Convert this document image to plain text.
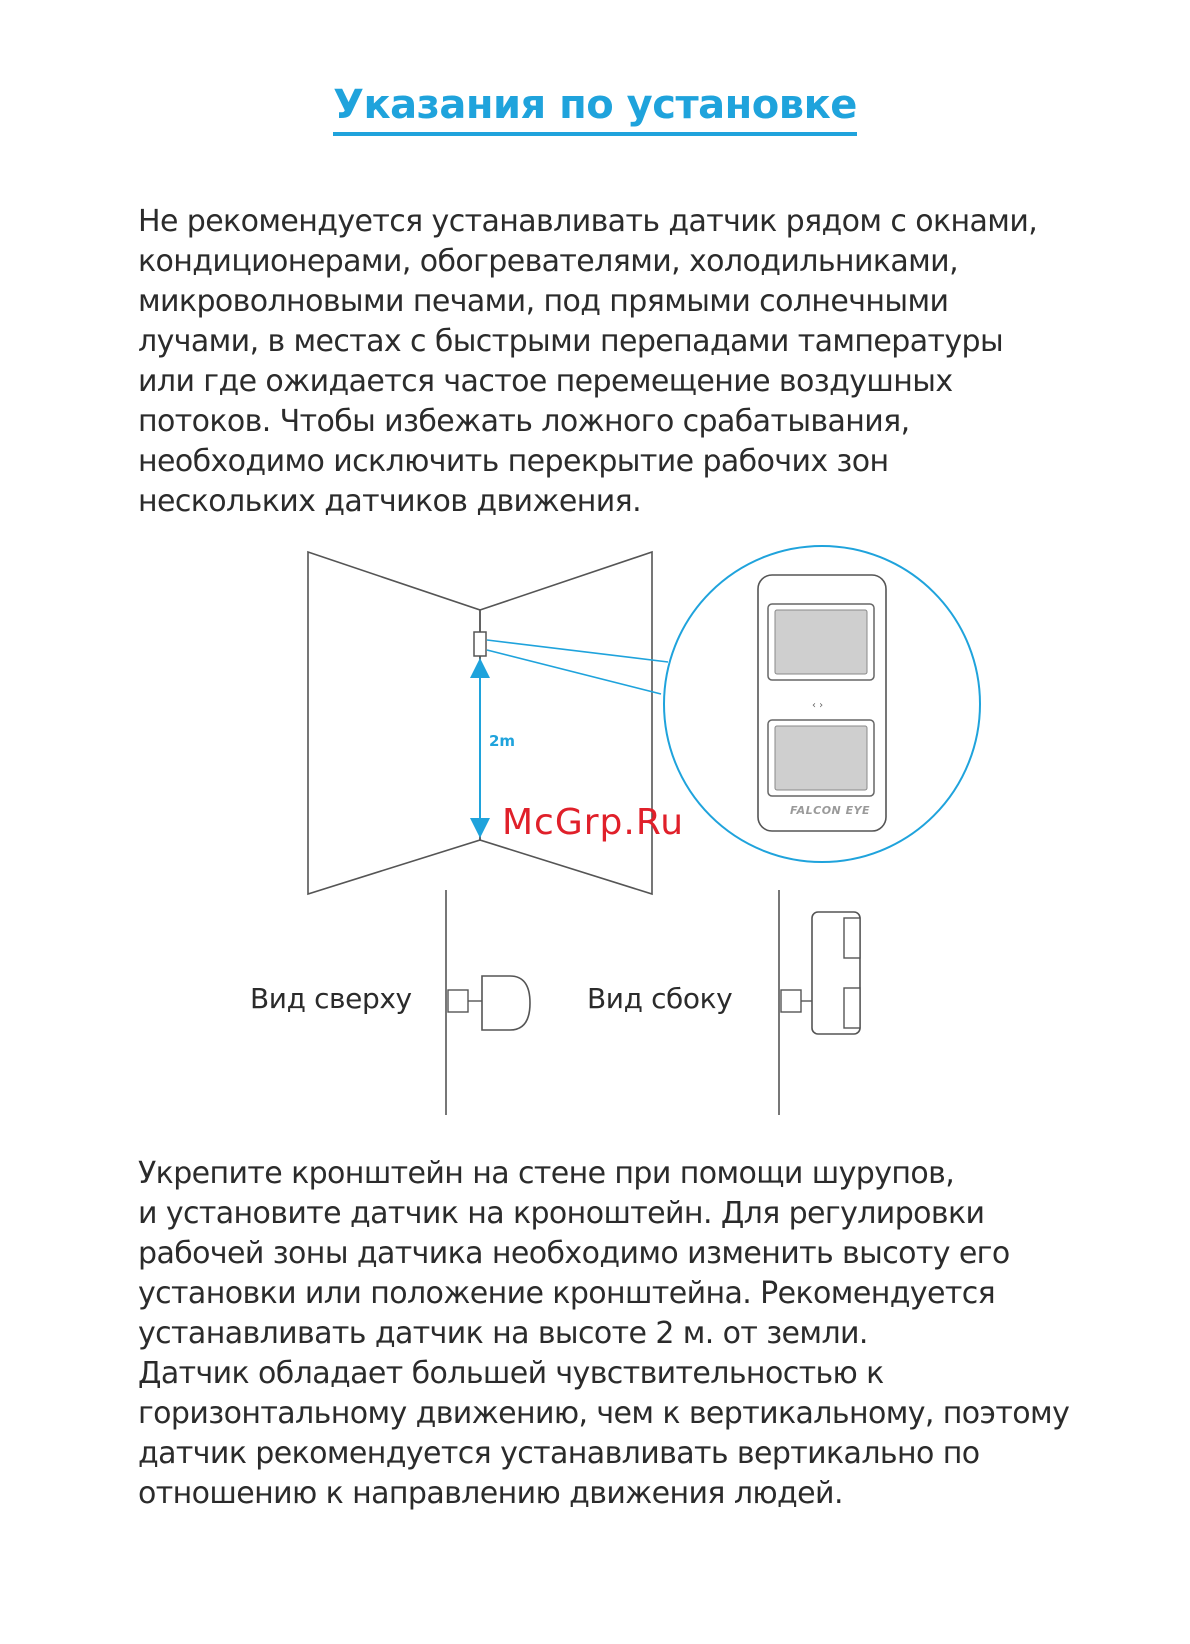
Указания по установке

Не рекомендуется устанавливать датчик рядом с окнами,
кондиционерами, обогревателями, холодильниками,
микроволновыми печами, под прямыми солнечными
лучами, в местах с быстрыми перепадами тампературы
или где ожидается частое перемещение воздушных
потоков. Чтобы избежать ложного срабатывания,
необходимо исключить перекрытие рабочих зон
нескольких датчиков движения.

‹ ›
2m
FALCON EYE
McGrp.Ru
Вид сверху	Вид сбоку

Укрепите кронштейн на стене при помощи шурупов,
и установите датчик на кроноштейн. Для регулировки
рабочей зоны датчика необходимо изменить высоту его
установки или положение кронштейна. Рекомендуется
устанавливать датчик на высоте 2 м. от земли.
Датчик обладает большей чувствительностью к
горизонтальному движению, чем к вертикальному, поэтому
датчик рекомендуется устанавливать вертикально по
отношению к направлению движения людей.
